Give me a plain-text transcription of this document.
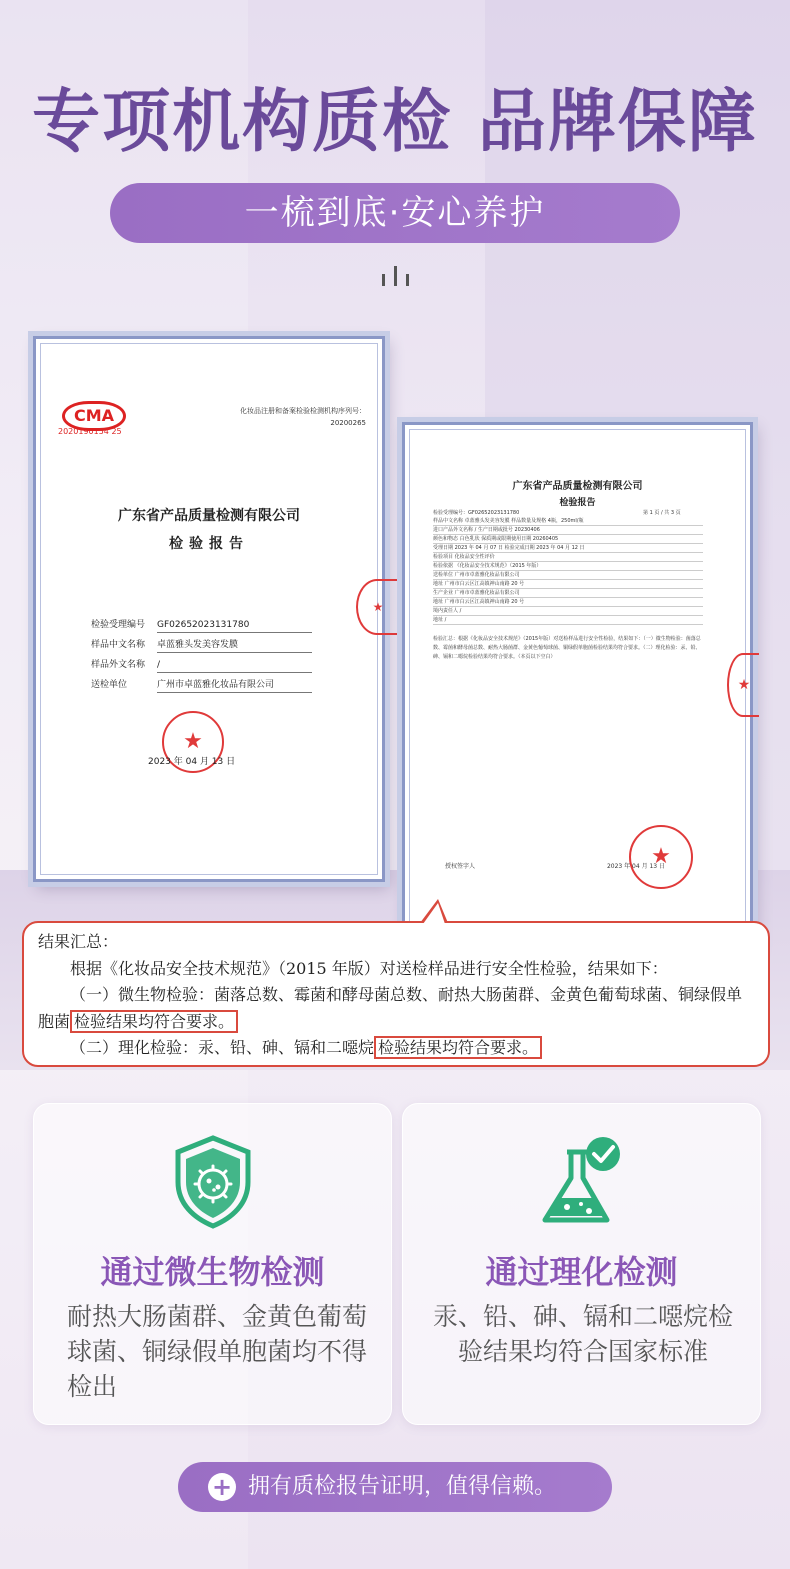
专项机构质检 品牌保障
一梳到底·安心养护
CMA
2020190154 25
化妆品注册和备案检验检测机构序列号：
20200265
广东省产品质量检测有限公司
检验报告
检验受理编号 GF02652023131780
样品中文名称 卓蓝雅头发美容发膜
样品外文名称 /
送检单位	广州市卓蓝雅化妆品有限公司
★
2023 年 04 月 13 日
★
广东省产品质量检测有限公司
检验报告
检验受理编号：GF02652023131780	第 1 页 / 共 3 页
样品中文名称 卓蓝雅头发美容发膜 样品数量及规格 4瓶，250ml/瓶
进口产品外文名称 / 生产日期或批号 20230406
颜色和物态 白色乳状 保质期或限期使用日期 20260405
受理日期 2023 年 04 月 07 日 检验完成日期 2023 年 04 月 12 日
检验项目 化妆品安全性评价
检验依据 《化妆品安全技术规范》（2015 年版）
送检单位 广州市卓蓝雅化妆品有限公司
地址 广州市白云区江高镇神山南路 20 号
生产企业 广州市卓蓝雅化妆品有限公司
地址 广州市白云区江高镇神山南路 20 号
境内责任人 /
地址 /
检验汇总：根据《化妆品安全技术规范》（2015年版）对送检样品进行安全性检验，结果如下：（一）微生物检验：菌落总数、霉菌和酵母菌总数、耐热大肠菌群、金黄色葡萄球菌、铜绿假单胞菌检验结果均符合要求。（二）理化检验：汞、铅、砷、镉和二噁烷检验结果均符合要求。（本页以下空白）
授权签字人	2023 年 04 月 13 日
★
★

结果汇总：

根据《化妆品安全技术规范》（2015 年版）对送检样品进行安全性检验，结果如下：

（一）微生物检验：菌落总数、霉菌和酵母菌总数、耐热大肠菌群、金黄色葡萄球菌、铜绿假单胞菌 检验结果均符合要求。

（二）理化检验：汞、铅、砷、镉和二噁烷 检验结果均符合要求。

通过微生物检测
耐热大肠菌群、金黄色葡萄球菌、铜绿假单胞菌均不得检出
通过理化检测
汞、铅、砷、镉和二噁烷检验结果均符合国家标准
+ 拥有质检报告证明，值得信赖。
